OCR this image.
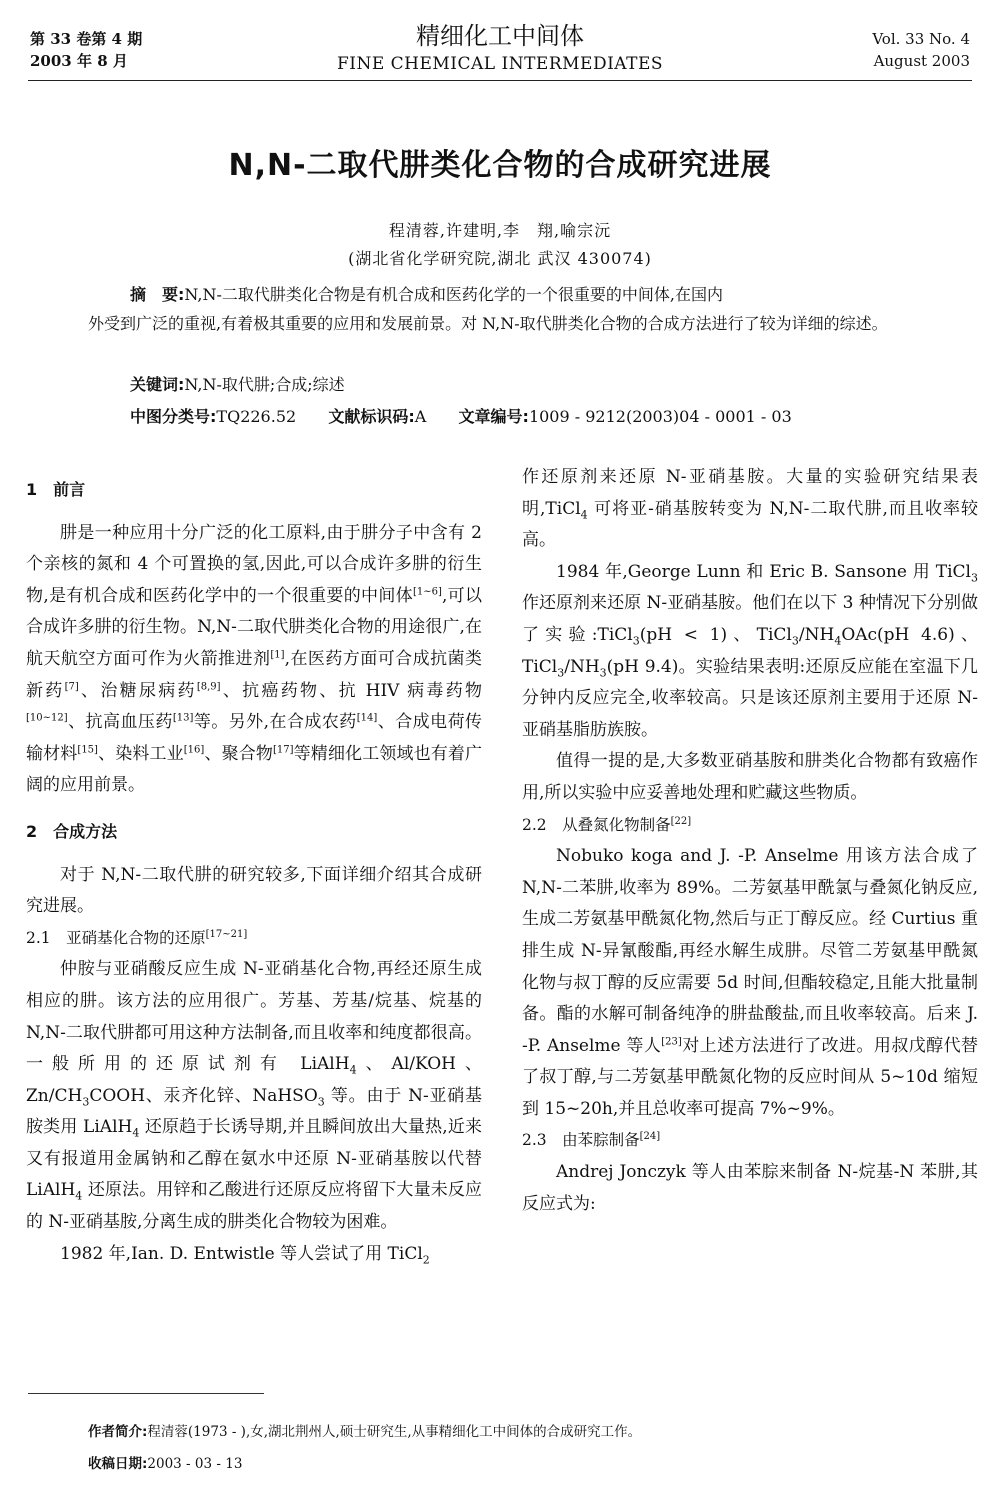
第 33 卷第 4 期
2003 年 8 月
精细化工中间体
FINE CHEMICAL INTERMEDIATES
Vol. 33 No. 4
August 2003
N,N-二取代肼类化合物的合成研究进展
程清蓉,许建明,李　翔,喻宗沅
(湖北省化学研究院,湖北 武汉 430074)
摘　要:N,N-二取代肼类化合物是有机合成和医药化学的一个很重要的中间体,在国内
外受到广泛的重视,有着极其重要的应用和发展前景。对 N,N-取代肼类化合物的合成方法进行了较为详细的综述。
关键词:N,N-取代肼;合成;综述
中图分类号:TQ226.52 文献标识码:A 文章编号:1009 - 9212(2003)04 - 0001 - 03
1　前言

肼是一种应用十分广泛的化工原料,由于肼分子中含有 2 个亲核的氮和 4 个可置换的氢,因此,可以合成许多肼的衍生物,是有机合成和医药化学中的一个很重要的中间体[1~6],可以合成许多肼的衍生物。N,N-二取代肼类化合物的用途很广,在航天航空方面可作为火箭推进剂[1],在医药方面可合成抗菌类新药[7]、治糖尿病药[8,9]、抗癌药物、抗 HIV 病毒药物[10~12]、抗高血压药[13]等。另外,在合成农药[14]、合成电荷传输材料[15]、染料工业[16]、聚合物[17]等精细化工领域也有着广阔的应用前景。

2　合成方法

对于 N,N-二取代肼的研究较多,下面详细介绍其合成研究进展。

2.1　亚硝基化合物的还原[17~21]

仲胺与亚硝酸反应生成 N-亚硝基化合物,再经还原生成相应的肼。该方法的应用很广。芳基、芳基/烷基、烷基的 N,N-二取代肼都可用这种方法制备,而且收率和纯度都很高。一般所用的还原试剂有 LiAlH$_4$、Al/KOH、$Zn/CH_3COOH$、汞齐化锌、NaHSO$_3$ 等。由于 N-亚硝基胺类用 LiAlH$_4$ 还原趋于长诱导期,并且瞬间放出大量热,近来又有报道用金属钠和乙醇在氨水中还原 N-亚硝基胺以代替 LiAlH$_4$ 还原法。用锌和乙酸进行还原反应将留下大量未反应的 N-亚硝基胺,分离生成的肼类化合物较为困难。

1982 年,Ian. D. Entwistle 等人尝试了用 TiCl$_2$

作还原剂来还原 N-亚硝基胺。大量的实验研究结果表明,TiCl$_4$ 可将亚-硝基胺转变为 N,N-二取代肼,而且收率较高。

1984 年,George Lunn 和 Eric B. Sansone 用 TiCl$_3$ 作还原剂来还原 N-亚硝基胺。他们在以下 3 种情况下分别做了实验:TiCl$_3$(pH < 1)、$TiCl_3/NH_4OAc(pH$ 4.6)、$TiCl_3/NH_3(pH$ 9.4)。实验结果表明:还原反应能在室温下几分钟内反应完全,收率较高。只是该还原剂主要用于还原 N-亚硝基脂肪族胺。

值得一提的是,大多数亚硝基胺和肼类化合物都有致癌作用,所以实验中应妥善地处理和贮藏这些物质。

2.2　从叠氮化物制备[22]

Nobuko koga and J. -P. Anselme 用该方法合成了 N,N-二苯肼,收率为 89%。二芳氨基甲酰氯与叠氮化钠反应,生成二芳氨基甲酰氮化物,然后与正丁醇反应。经 Curtius 重排生成 N-异氰酸酯,再经水解生成肼。尽管二芳氨基甲酰氮化物与叔丁醇的反应需要 5d 时间,但酯较稳定,且能大批量制备。酯的水解可制备纯净的肼盐酸盐,而且收率较高。后来 J. -P. Anselme 等人[23]对上述方法进行了改进。用叔戊醇代替了叔丁醇,与二芳氨基甲酰氮化物的反应时间从 5~10d 缩短到 15~20h,并且总收率可提高 7%~9%。

2.3　由苯腙制备[24]

Andrej Jonczyk 等人由苯腙来制备 N-烷基-N 苯肼,其反应式为:

作者简介:程清蓉(1973 - ),女,湖北荆州人,硕士研究生,从事精细化工中间体的合成研究工作。
收稿日期:2003 - 03 - 13
